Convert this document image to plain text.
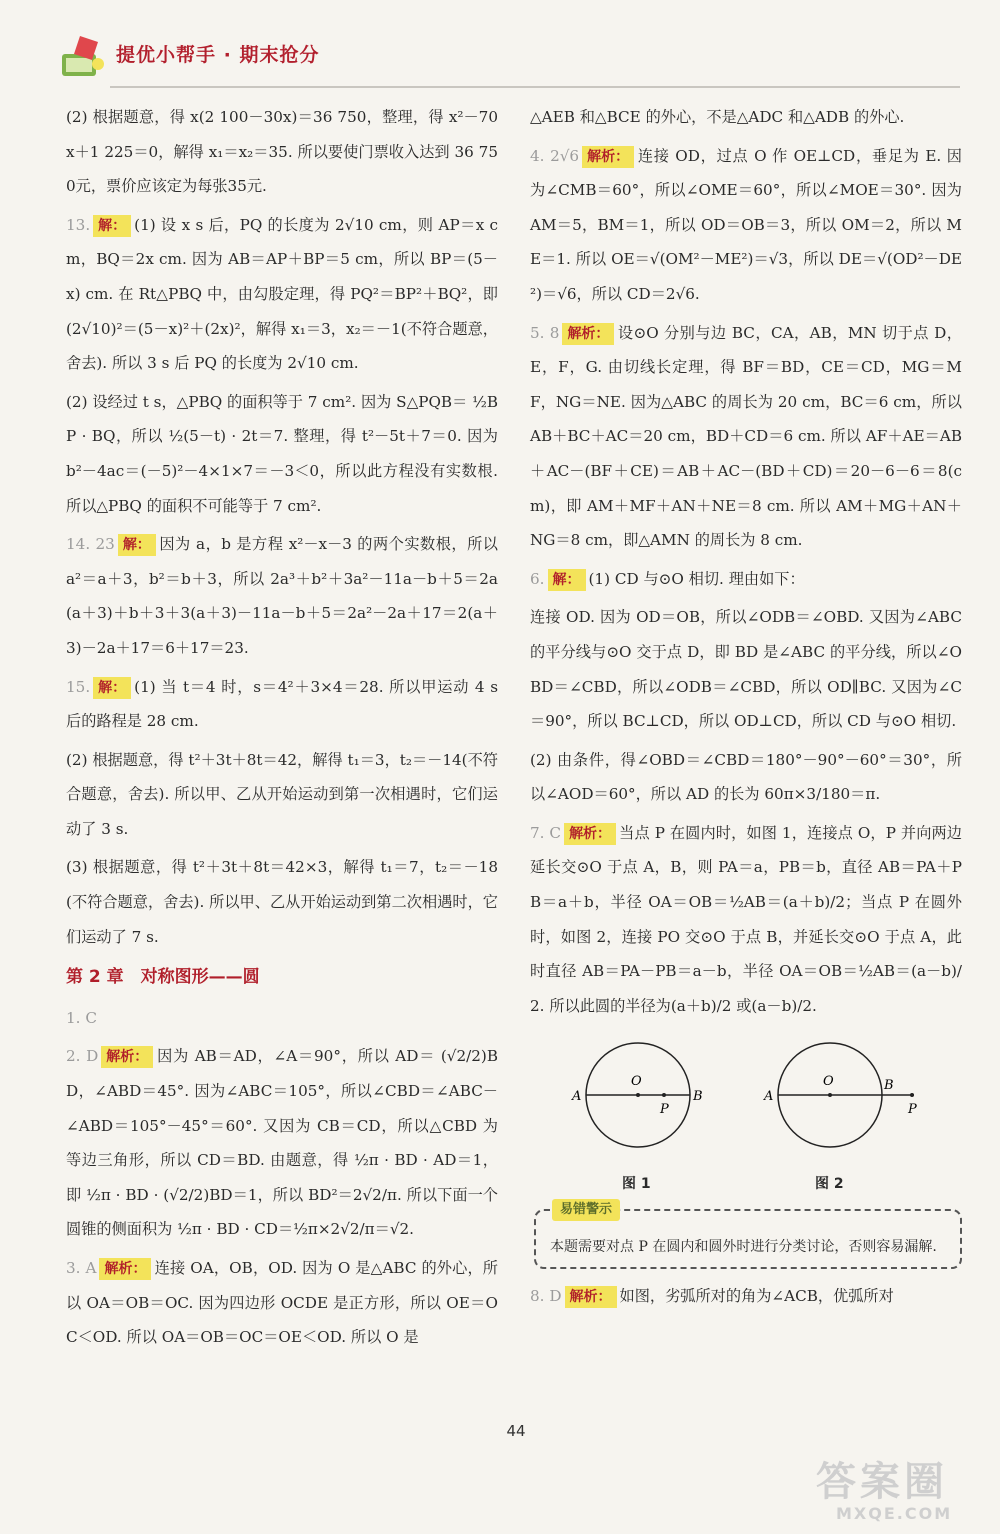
提优小帮手 · 期末抢分

(2) 根据题意，得 x(2 100－30x)＝36 750，整理，得 x²－70x＋1 225＝0，解得 x₁＝x₂＝35. 所以要使门票收入达到 36 750元，票价应该定为每张35元.

13. 解： (1) 设 x s 后，PQ 的长度为 2√10 cm，则 AP＝x cm，BQ＝2x cm. 因为 AB＝AP＋BP＝5 cm，所以 BP＝(5－x) cm. 在 Rt△PBQ 中，由勾股定理，得 PQ²＝BP²＋BQ²，即(2√10)²＝(5－x)²＋(2x)²，解得 x₁＝3，x₂＝－1(不符合题意，舍去). 所以 3 s 后 PQ 的长度为 2√10 cm.

(2) 设经过 t s，△PBQ 的面积等于 7 cm². 因为 S△PQB＝ ½BP · BQ，所以 ½(5－t) · 2t＝7. 整理，得 t²－5t＋7＝0. 因为 b²－4ac＝(－5)²－4×1×7＝－3＜0，所以此方程没有实数根. 所以△PBQ 的面积不可能等于 7 cm².

14. 23 解： 因为 a，b 是方程 x²－x－3 的两个实数根，所以 a²＝a＋3，b²＝b＋3，所以 2a³＋b²＋3a²－11a－b＋5＝2a(a＋3)＋b＋3＋3(a＋3)－11a－b＋5＝2a²－2a＋17＝2(a＋3)－2a＋17＝6＋17＝23.

15. 解： (1) 当 t＝4 时，s＝4²＋3×4＝28. 所以甲运动 4 s 后的路程是 28 cm.

(2) 根据题意，得 t²＋3t＋8t＝42，解得 t₁＝3，t₂＝－14(不符合题意，舍去). 所以甲、乙从开始运动到第一次相遇时，它们运动了 3 s.

(3) 根据题意，得 t²＋3t＋8t＝42×3，解得 t₁＝7，t₂＝－18(不符合题意，舍去). 所以甲、乙从开始运动到第二次相遇时，它们运动了 7 s.

第 2 章　对称图形——圆

1. C

2. D 解析： 因为 AB＝AD，∠A＝90°，所以 AD＝ (√2/2)BD，∠ABD＝45°. 因为∠ABC＝105°，所以∠CBD＝∠ABC－∠ABD＝105°－45°＝60°. 又因为 CB＝CD，所以△CBD 为等边三角形，所以 CD＝BD. 由题意，得 ½π · BD · AD＝1，即 ½π · BD · (√2/2)BD＝1，所以 BD²＝2√2/π. 所以下面一个圆锥的侧面积为 ½π · BD · CD＝½π×2√2/π＝√2.

3. A 解析： 连接 OA，OB，OD. 因为 O 是△ABC 的外心，所以 OA＝OB＝OC. 因为四边形 OCDE 是正方形，所以 OE＝OC＜OD. 所以 OA＝OB＝OC＝OE＜OD. 所以 O 是

△AEB 和△BCE 的外心，不是△ADC 和△ADB 的外心.

4. 2√6 解析： 连接 OD，过点 O 作 OE⊥CD，垂足为 E. 因为∠CMB＝60°，所以∠OME＝60°，所以∠MOE＝30°. 因为 AM＝5，BM＝1，所以 OD＝OB＝3，所以 OM＝2，所以 ME＝1. 所以 OE＝√(OM²－ME²)＝√3，所以 DE＝√(OD²－DE²)＝√6，所以 CD＝2√6.

5. 8 解析： 设⊙O 分别与边 BC，CA，AB，MN 切于点 D，E，F，G. 由切线长定理，得 BF＝BD，CE＝CD，MG＝MF，NG＝NE. 因为△ABC 的周长为 20 cm，BC＝6 cm，所以 AB＋BC＋AC＝20 cm，BD＋CD＝6 cm. 所以 AF＋AE＝AB＋AC－(BF＋CE)＝AB＋AC－(BD＋CD)＝20－6－6＝8(cm)，即 AM＋MF＋AN＋NE＝8 cm. 所以 AM＋MG＋AN＋NG＝8 cm，即△AMN 的周长为 8 cm.

6. 解： (1) CD 与⊙O 相切. 理由如下：

连接 OD. 因为 OD＝OB，所以∠ODB＝∠OBD. 又因为∠ABC 的平分线与⊙O 交于点 D，即 BD 是∠ABC 的平分线，所以∠OBD＝∠CBD，所以∠ODB＝∠CBD，所以 OD∥BC. 又因为∠C＝90°，所以 BC⊥CD，所以 OD⊥CD，所以 CD 与⊙O 相切.

(2) 由条件，得∠OBD＝∠CBD＝180°－90°－60°＝30°，所以∠AOD＝60°，所以 AD 的长为 60π×3/180＝π.

7. C 解析： 当点 P 在圆内时，如图 1，连接点 O，P 并向两边延长交⊙O 于点 A，B，则 PA＝a，PB＝b，直径 AB＝PA＋PB＝a＋b，半径 OA＝OB＝½AB＝(a＋b)/2；当点 P 在圆外时，如图 2，连接 PO 交⊙O 于点 B，并延长交⊙O 于点 A，此时直径 AB＝PA－PB＝a－b，半径 OA＝OB＝½AB＝(a－b)/2. 所以此圆的半径为(a＋b)/2 或(a－b)/2.

A
O
B
P
A
O	B
P
图 1	图 2
易错警示
本题需要对点 P 在圆内和圆外时进行分类讨论，否则容易漏解.

8. D 解析： 如图，劣弧所对的角为∠ACB，优弧所对

44
答案圈
MXQE.COM
